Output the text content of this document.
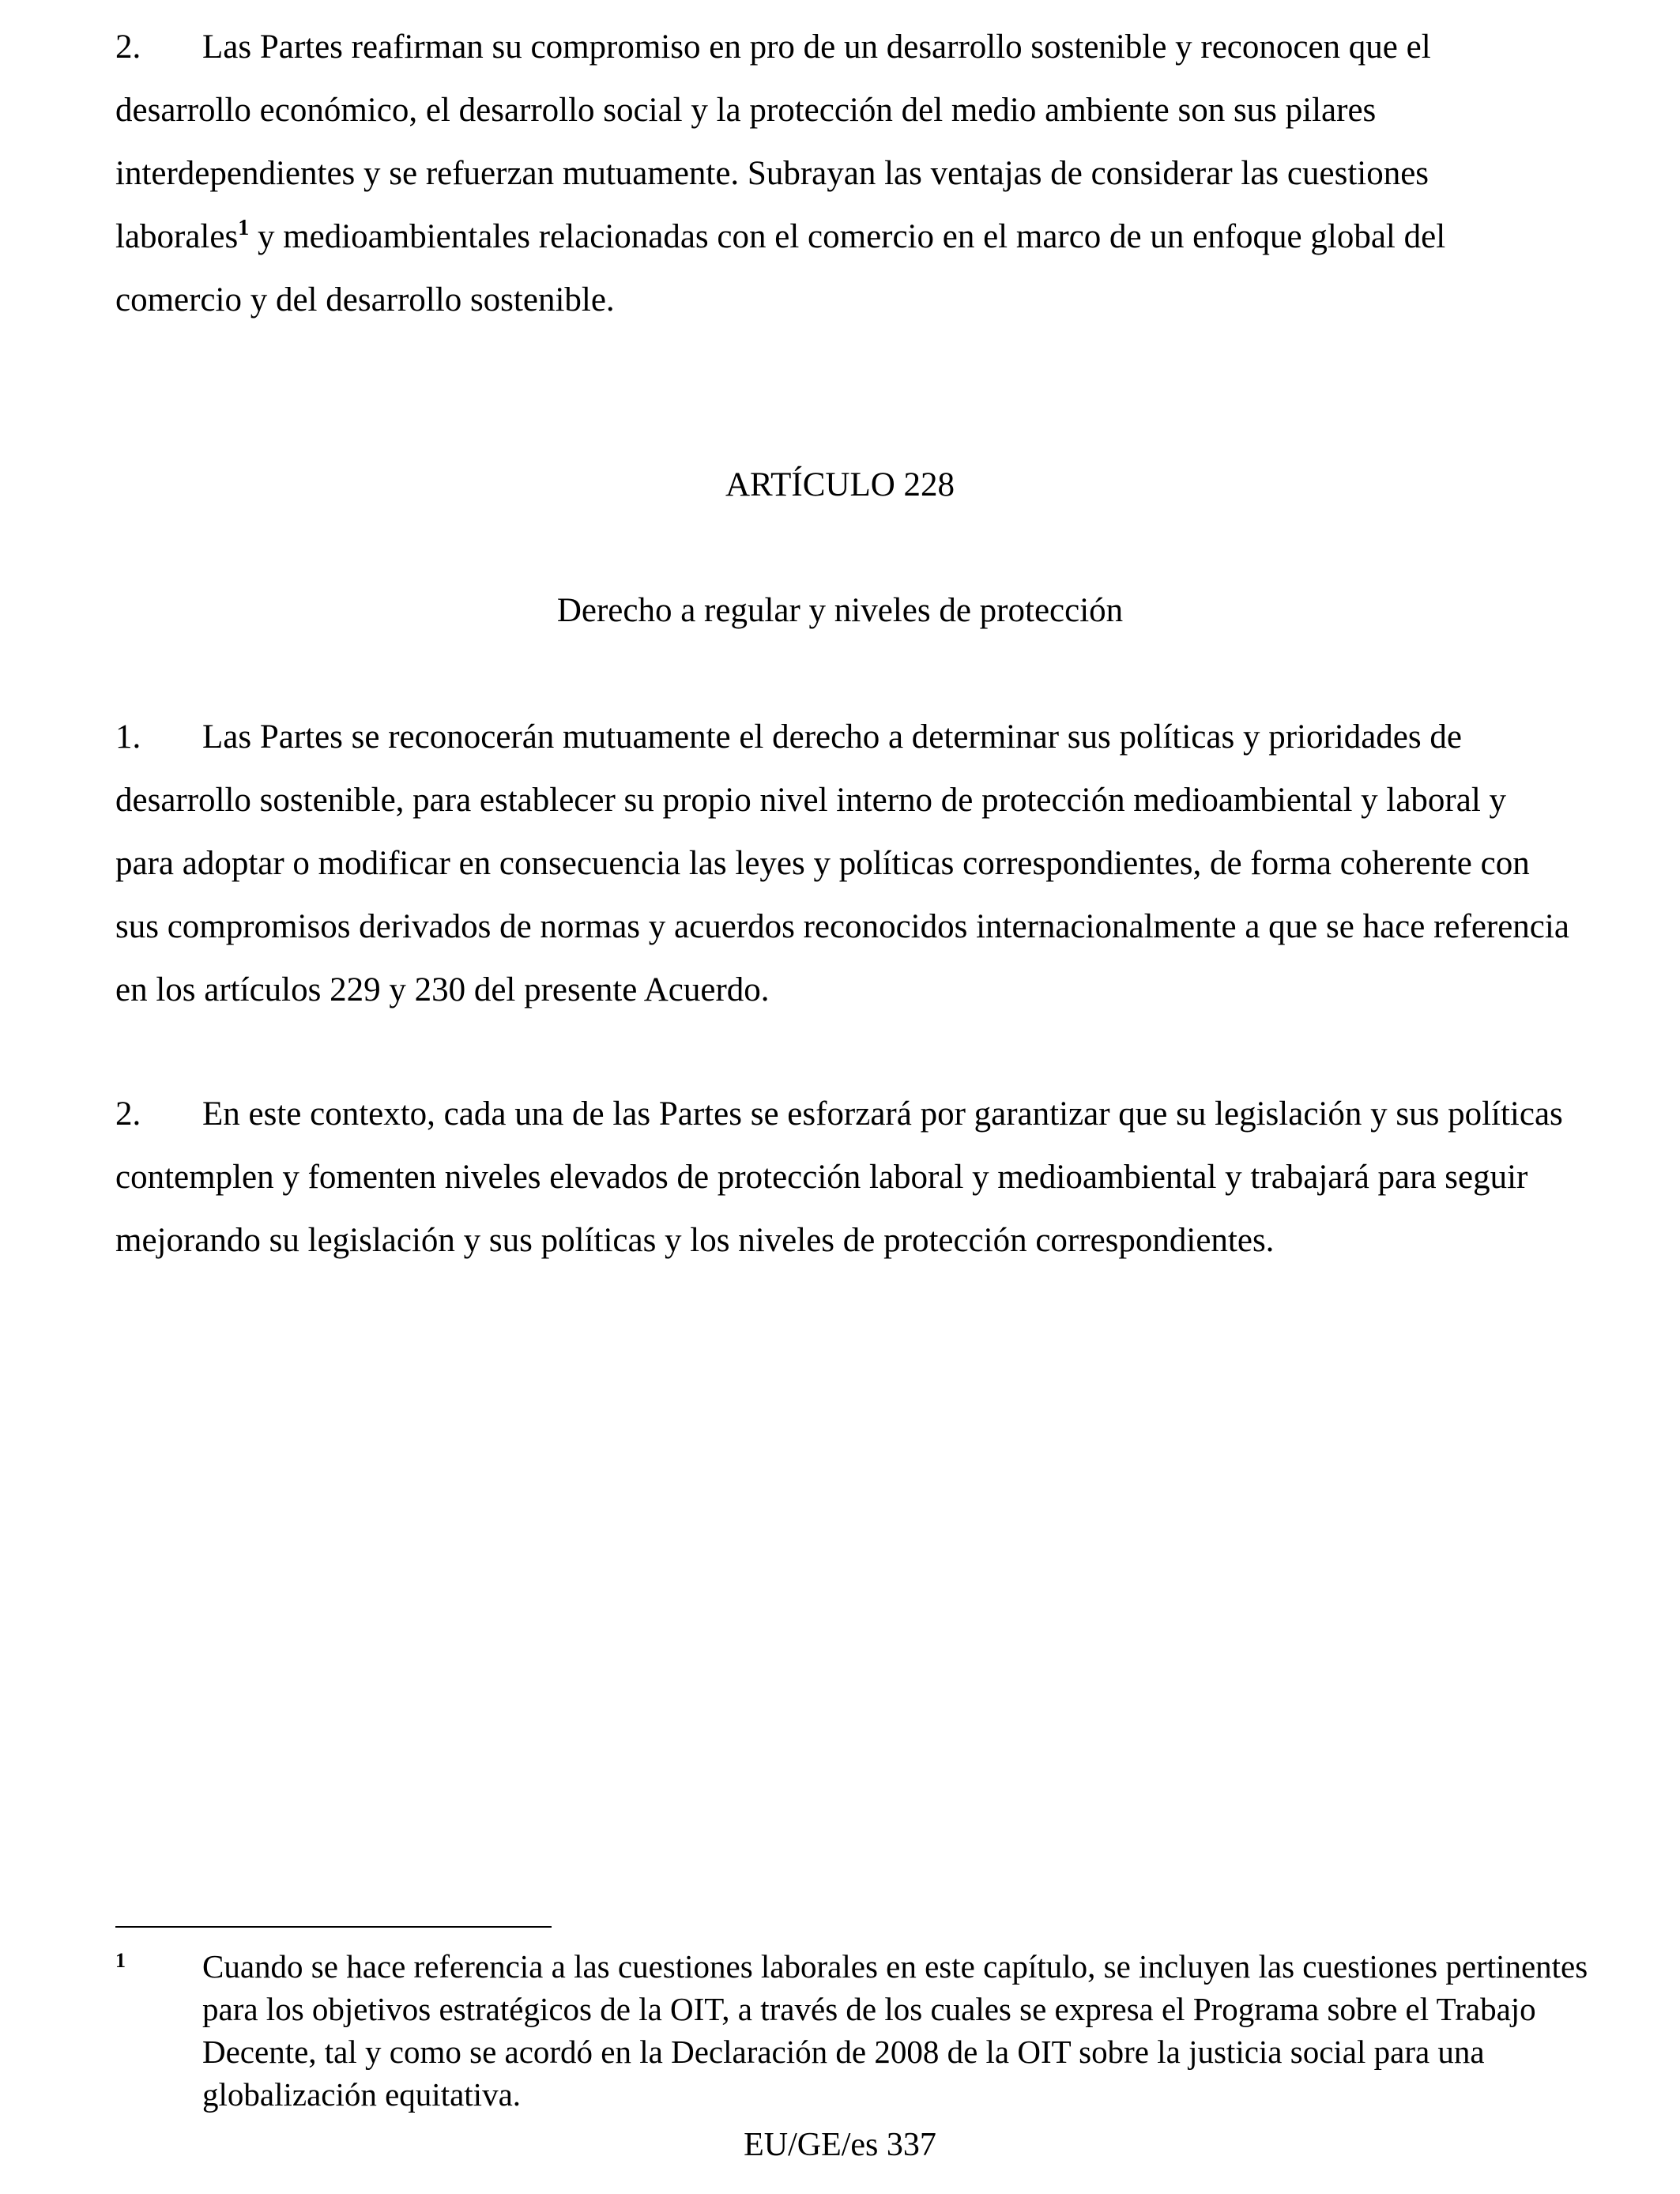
2. Las Partes reafirman su compromiso en pro de un desarrollo sostenible y reconocen que el desarrollo económico, el desarrollo social y la protección del medio ambiente son sus pilares interdependientes y se refuerzan mutuamente. Subrayan las ventajas de considerar las cuestiones laborales$^1$ y medioambientales relacionadas con el comercio en el marco de un enfoque global del comercio y del desarrollo sostenible.

ARTÍCULO 228
Derecho a regular y niveles de protección

1. Las Partes se reconocerán mutuamente el derecho a determinar sus políticas y prioridades de desarrollo sostenible, para establecer su propio nivel interno de protección medioambiental y laboral y para adoptar o modificar en consecuencia las leyes y políticas correspondientes, de forma coherente con sus compromisos derivados de normas y acuerdos reconocidos internacionalmente a que se hace referencia en los artículos 229 y 230 del presente Acuerdo.

2. En este contexto, cada una de las Partes se esforzará por garantizar que su legislación y sus políticas contemplen y fomenten niveles elevados de protección laboral y medioambiental y trabajará para seguir mejorando su legislación y sus políticas y los niveles de protección correspondientes.

1 Cuando se hace referencia a las cuestiones laborales en este capítulo, se incluyen las cuestiones pertinentes para los objetivos estratégicos de la OIT, a través de los cuales se expresa el Programa sobre el Trabajo Decente, tal y como se acordó en la Declaración de 2008 de la OIT sobre la justicia social para una globalización equitativa.
EU/GE/es 337
